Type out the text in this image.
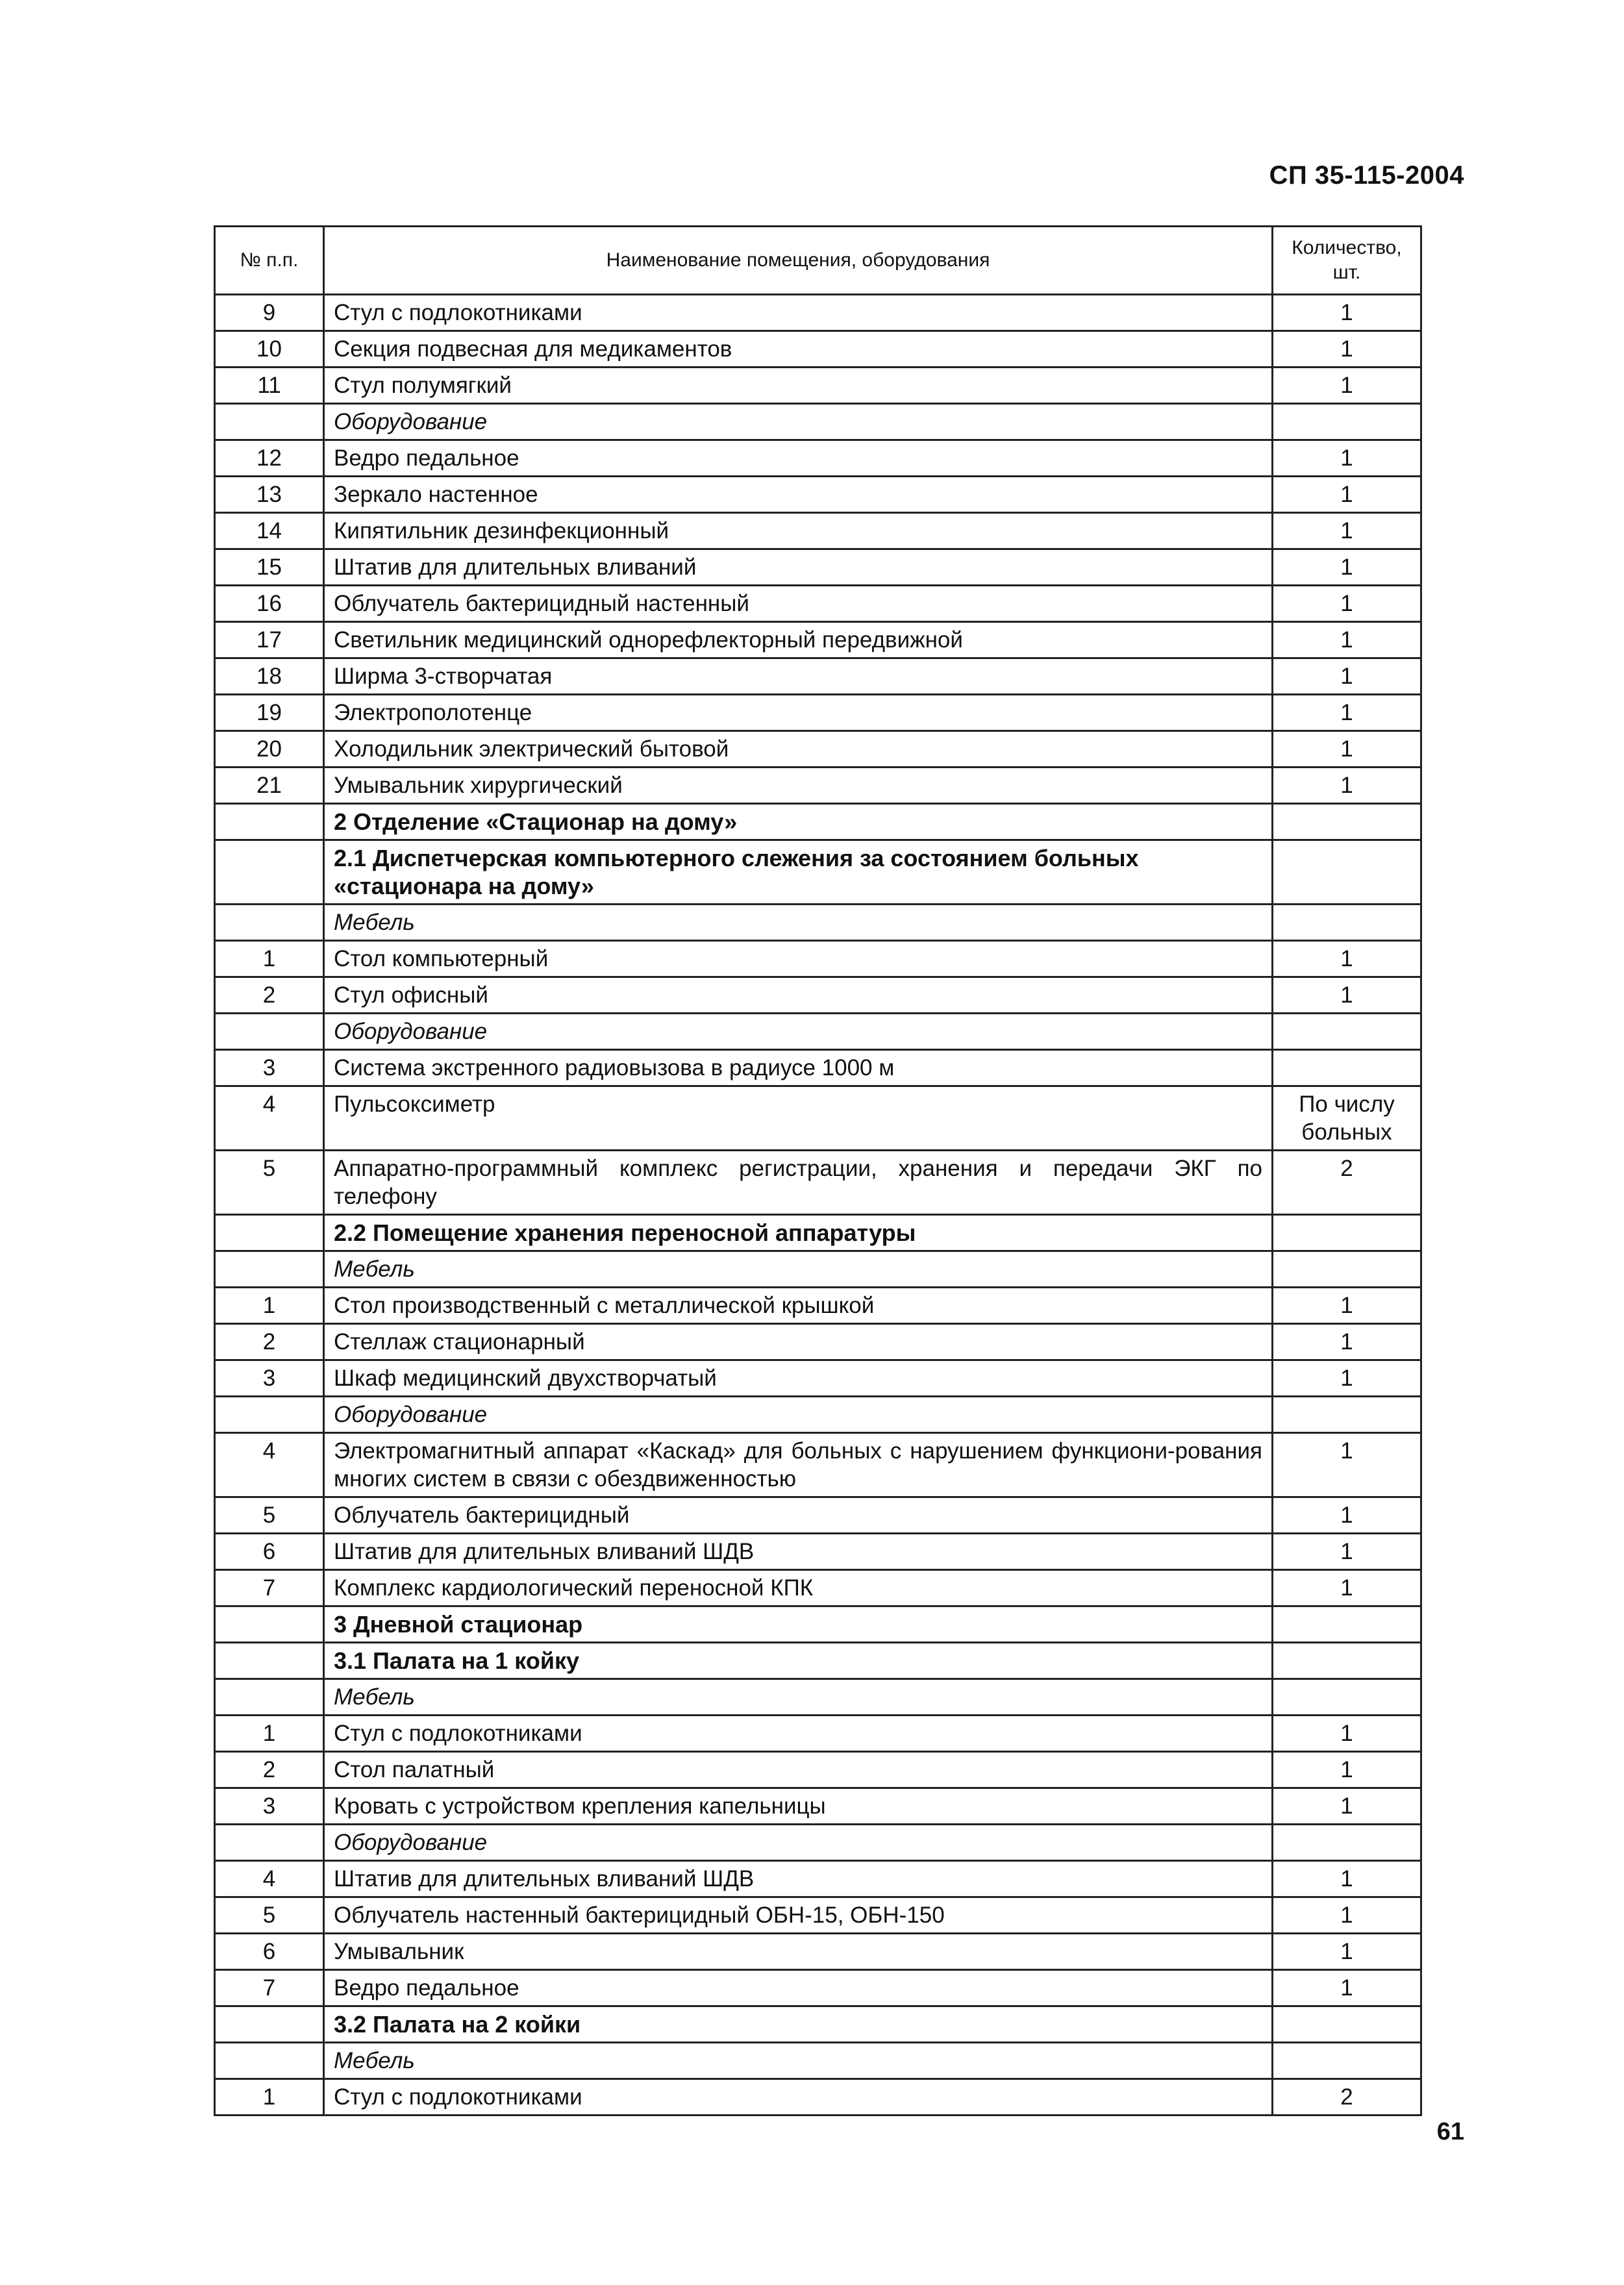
СП 35-115-2004
№ п.п.	Наименование помещения, оборудования	Количество, шт.
9	Стул с подлокотниками	1
10	Секция подвесная для медикаментов	1
11	Стул полумягкий	1
	Оборудование	
12	Ведро педальное	1
13	Зеркало настенное	1
14	Кипятильник дезинфекционный	1
15	Штатив для длительных вливаний	1
16	Облучатель бактерицидный настенный	1
17	Светильник медицинский однорефлекторный передвижной	1
18	Ширма 3-створчатая	1
19	Электрополотенце	1
20	Холодильник электрический бытовой	1
21	Умывальник хирургический	1
	2 Отделение «Стационар на дому»	
	2.1 Диспетчерская компьютерного слежения за состоянием больных «стационара на дому»	
	Мебель	
1	Стол компьютерный	1
2	Стул офисный	1
	Оборудование	
3	Система экстренного радиовызова в радиусе 1000 м	
4	Пульсоксиметр	По числу больных
5	Аппаратно-программный комплекс регистрации, хранения и передачи ЭКГ по телефону	2
	2.2 Помещение хранения переносной аппаратуры	
	Мебель	
1	Стол производственный с металлической крышкой	1
2	Стеллаж стационарный	1
3	Шкаф медицинский двухстворчатый	1
	Оборудование	
4	Электромагнитный аппарат «Каскад» для больных с нарушением функциони-рования многих систем в связи с обездвиженностью	1
5	Облучатель бактерицидный	1
6	Штатив для длительных вливаний ШДВ	1
7	Комплекс кардиологический переносной КПК	1
	3 Дневной стационар	
	3.1 Палата на 1 койку	
	Мебель	
1	Стул с подлокотниками	1
2	Стол палатный	1
3	Кровать с устройством крепления капельницы	1
	Оборудование	
4	Штатив для длительных вливаний ШДВ	1
5	Облучатель настенный бактерицидный ОБН-15, ОБН-150	1
6	Умывальник	1
7	Ведро педальное	1
	3.2 Палата на 2 койки	
	Мебель	
1	Стул с подлокотниками	2
61
